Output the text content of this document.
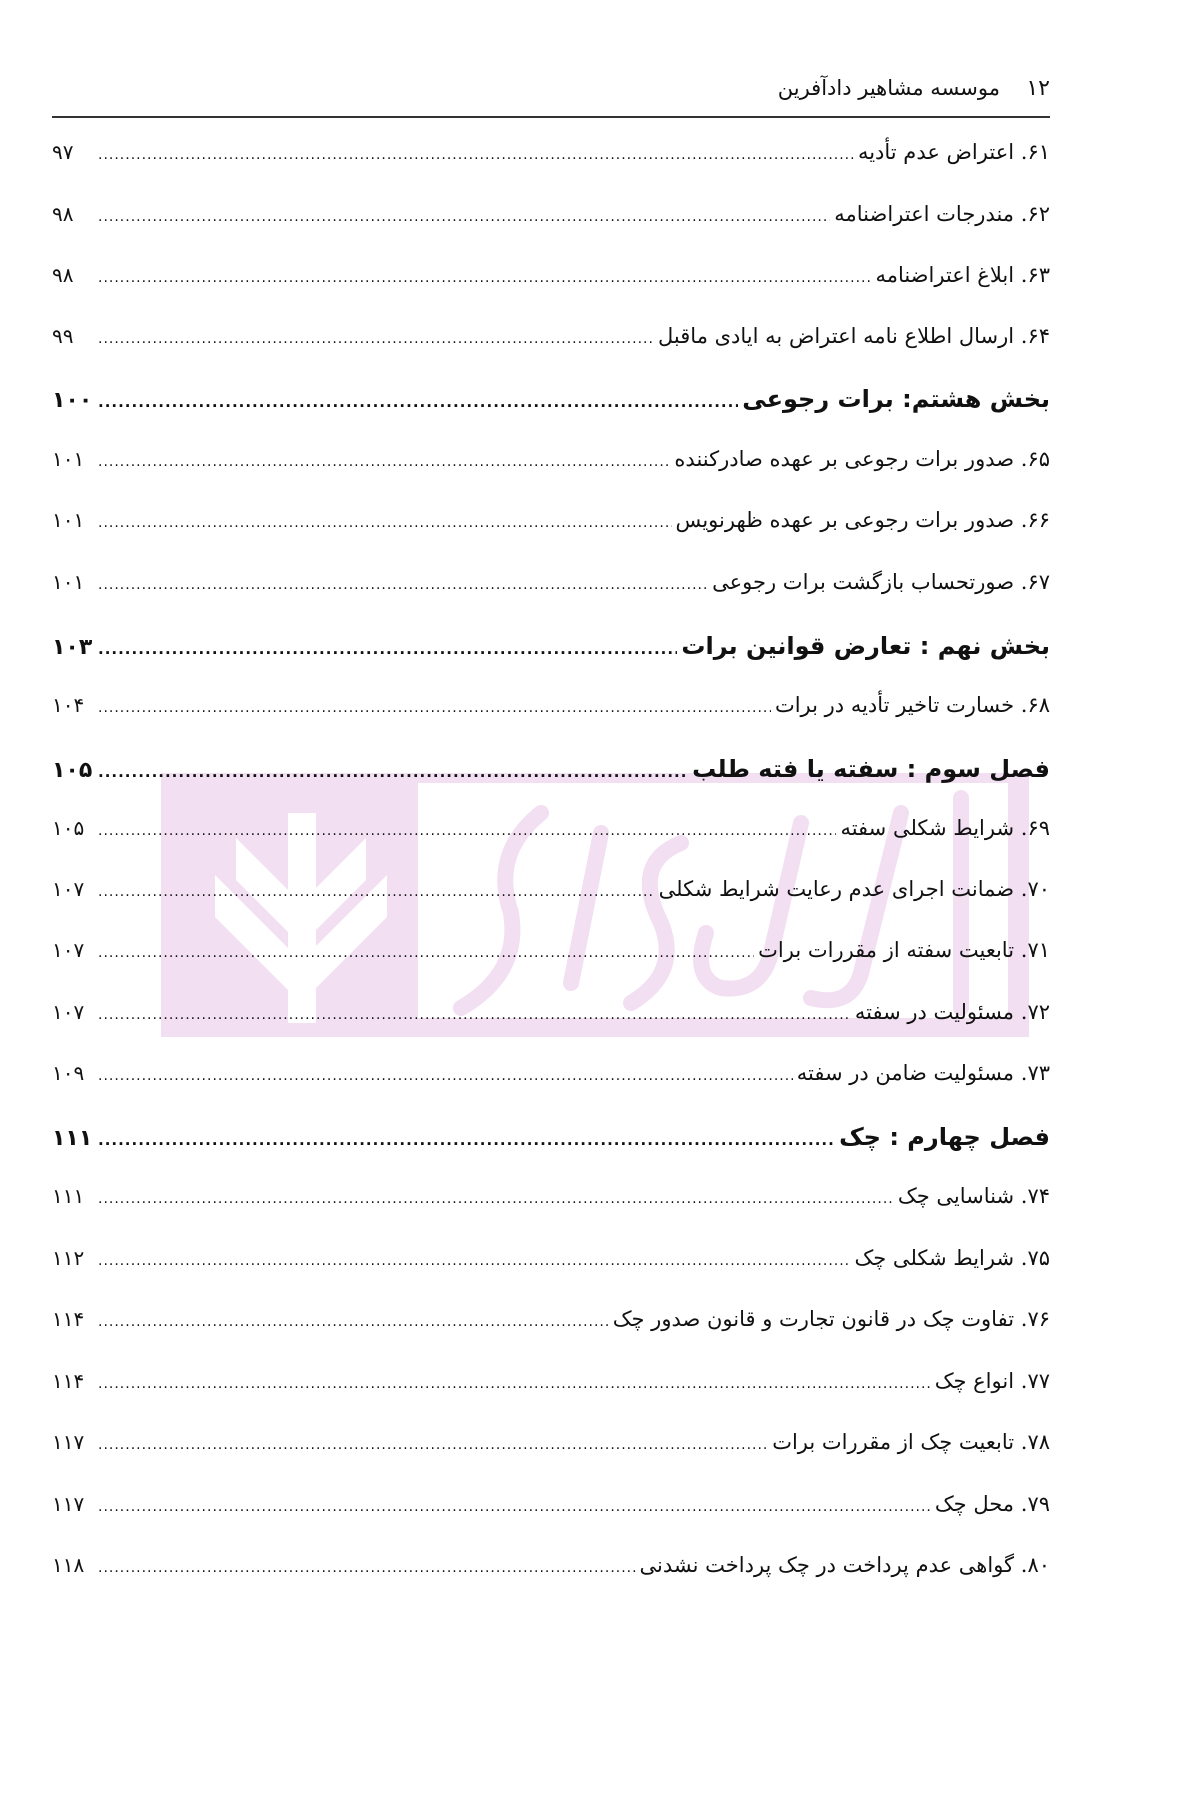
۱۲
موسسه مشاهیر دادآفرین
۶۱. اعتراض عدم تأدیه
.....
۹۷
۶۲. مندرجات اعتراضنامه
.....
۹۸
۶۳. ابلاغ اعتراضنامه
.....
۹۸
۶۴. ارسال اطلاع نامه اعتراض به ایادی ماقبل
.....
۹۹
بخش هشتم: برات رجوعی
.....
۱۰۰
۶۵. صدور برات رجوعی بر عهده صادرکننده
.....
۱۰۱
۶۶. صدور برات رجوعی بر عهده ظهرنویس
.....
۱۰۱
۶۷. صورتحساب بازگشت برات رجوعی
.....
۱۰۱
بخش نهم : تعارض قوانین برات
.....
۱۰۳
۶۸. خسارت تاخیر تأدیه در برات
.....
۱۰۴
فصل سوم : سفته یا فته طلب
.....
۱۰۵
۶۹. شرایط شکلی سفته
.....
۱۰۵
۷۰. ضمانت اجرای عدم رعایت شرایط شکلی
.....
۱۰۷
۷۱. تابعیت سفته از مقررات برات
.....
۱۰۷
۷۲. مسئولیت در سفته
.....
۱۰۷
۷۳. مسئولیت ضامن در سفته
.....
۱۰۹
فصل چهارم : چک
.....
۱۱۱
۷۴. شناسایی چک
.....
۱۱۱
۷۵. شرایط شکلی چک
.....
۱۱۲
۷۶. تفاوت چک در قانون تجارت و قانون صدور چک
.....
۱۱۴
۷۷. انواع چک
.....
۱۱۴
۷۸. تابعیت چک از مقررات برات
.....
۱۱۷
۷۹. محل چک
.....
۱۱۷
۸۰. گواهی عدم پرداخت در چک پرداخت نشدنی
.....
۱۱۸
